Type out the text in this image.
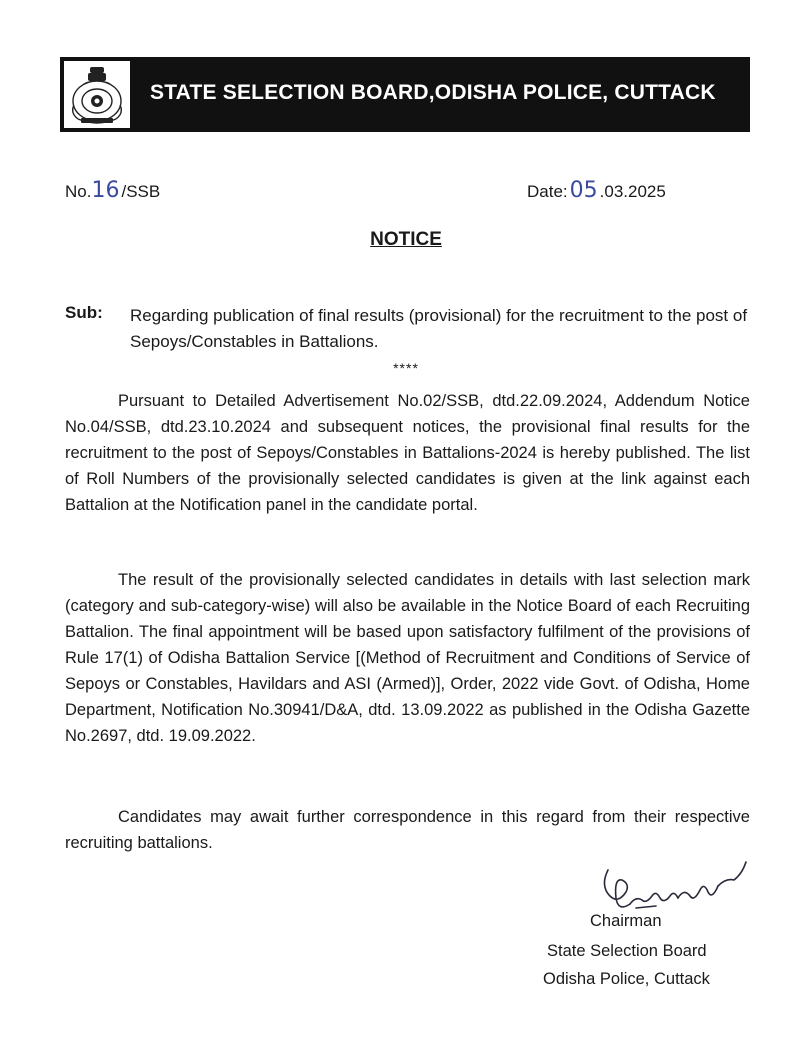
STATE SELECTION BOARD,ODISHA POLICE, CUTTACK
No.16 /SSB	Date:05 .03.2025
NOTICE
Sub: Regarding publication of final results (provisional) for the recruitment to the post of Sepoys/Constables in Battalions.
****
Pursuant to Detailed Advertisement No.02/SSB, dtd.22.09.2024, Addendum Notice No.04/SSB, dtd.23.10.2024 and subsequent notices, the provisional final results for the recruitment to the post of Sepoys/Constables in Battalions-2024 is hereby published. The list of Roll Numbers of the provisionally selected candidates is given at the link against each Battalion at the Notification panel in the candidate portal.
The result of the provisionally selected candidates in details with last selection mark (category and sub-category-wise) will also be available in the Notice Board of each Recruiting Battalion. The final appointment will be based upon satisfactory fulfilment of the provisions of Rule 17(1) of Odisha Battalion Service [(Method of Recruitment and Conditions of Service of Sepoys or Constables, Havildars and ASI (Armed)], Order, 2022 vide Govt. of Odisha, Home Department, Notification No.30941/D&A, dtd. 13.09.2022 as published in the Odisha Gazette No.2697, dtd. 19.09.2022.
Candidates may await further correspondence in this regard from their respective recruiting battalions.
Chairman
State Selection Board
Odisha Police, Cuttack
